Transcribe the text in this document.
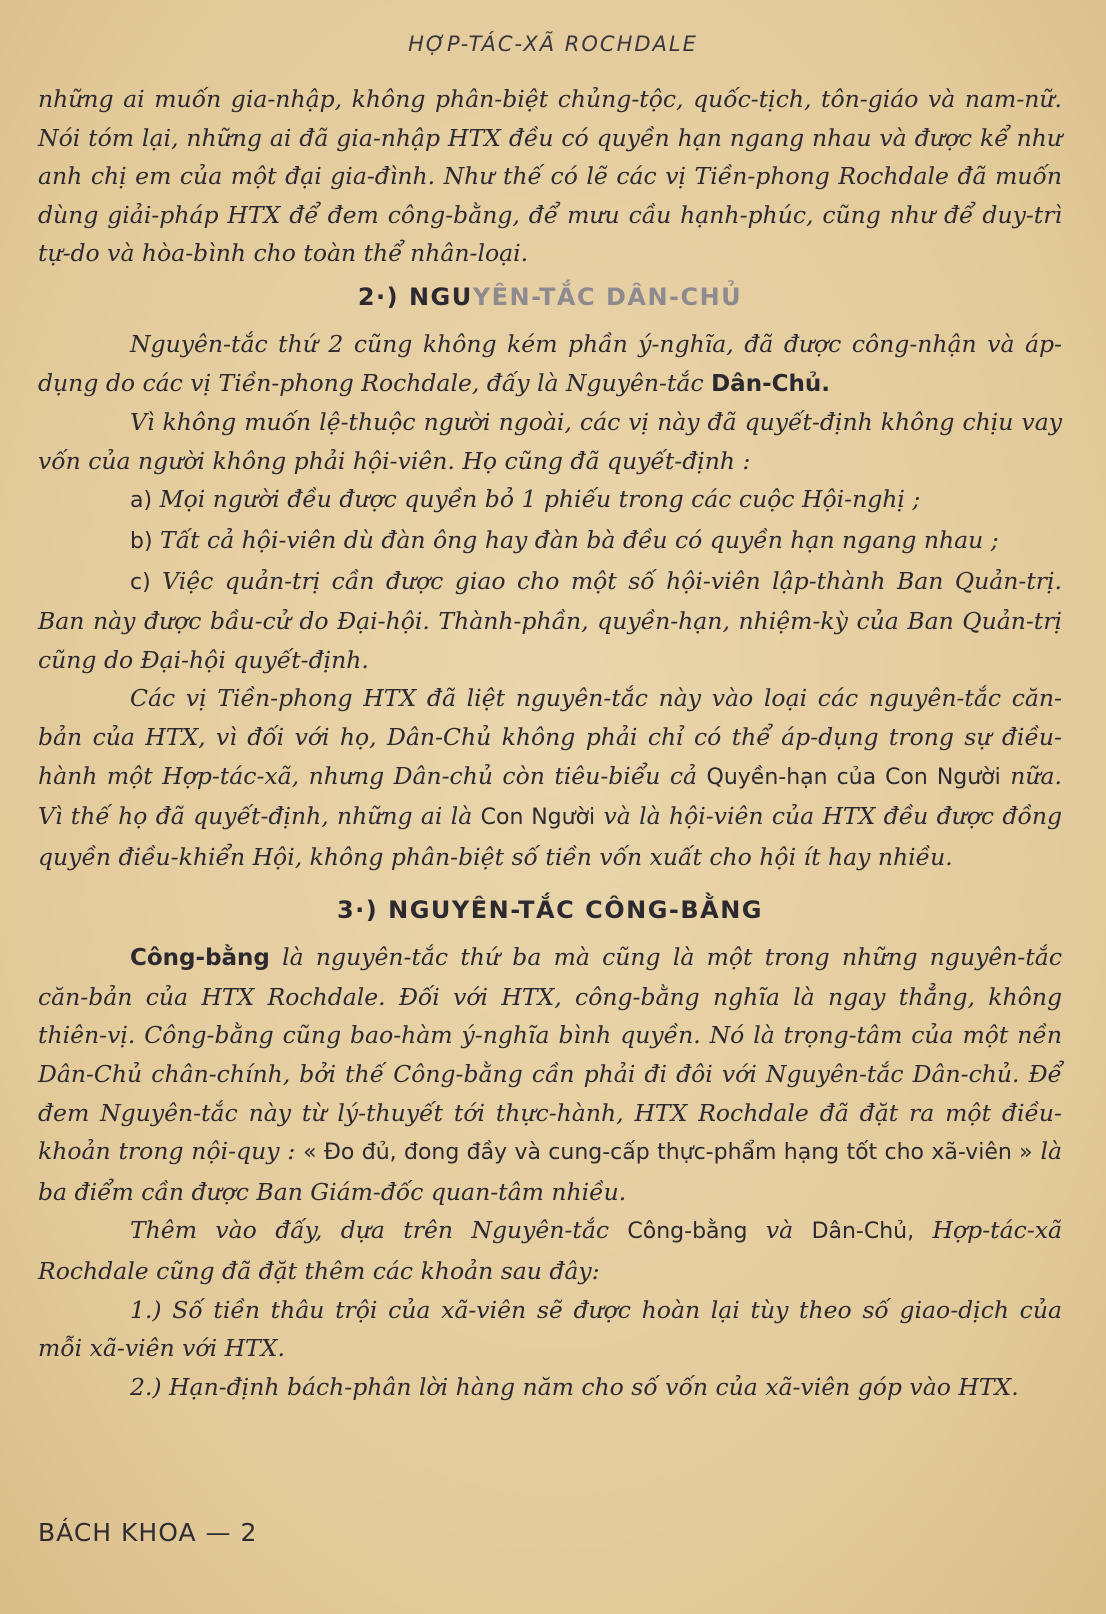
HỢP-TÁC-XÃ ROCHDALE

những ai muốn gia-nhập, không phân-biệt chủng-tộc, quốc-tịch, tôn-giáo và nam-nữ. Nói tóm lại, những ai đã gia-nhập HTX đều có quyền hạn ngang nhau và được kể như anh chị em của một đại gia-đình. Như thế có lẽ các vị Tiền-phong Rochdale đã muốn dùng giải-pháp HTX để đem công-bằng, để mưu cầu hạnh-phúc, cũng như để duy-trì tự-do và hòa-bình cho toàn thể nhân-loại.

2·) NGUYÊN-TẮC DÂN-CHỦ

Nguyên-tắc thứ 2 cũng không kém phần ý-nghĩa, đã được công-nhận và áp-dụng do các vị Tiền-phong Rochdale, đấy là Nguyên-tắc Dân-Chủ.

Vì không muốn lệ-thuộc người ngoài, các vị này đã quyết-định không chịu vay vốn của người không phải hội-viên. Họ cũng đã quyết-định :

a) Mọi người đều được quyền bỏ 1 phiếu trong các cuộc Hội-nghị ;

b) Tất cả hội-viên dù đàn ông hay đàn bà đều có quyền hạn ngang nhau ;

c) Việc quản-trị cần được giao cho một số hội-viên lập-thành Ban Quản-trị. Ban này được bầu-cử do Đại-hội. Thành-phần, quyền-hạn, nhiệm-kỳ của Ban Quản-trị cũng do Đại-hội quyết-định.

Các vị Tiền-phong HTX đã liệt nguyên-tắc này vào loại các nguyên-tắc căn-bản của HTX, vì đối với họ, Dân-Chủ không phải chỉ có thể áp-dụng trong sự điều-hành một Hợp-tác-xã, nhưng Dân-chủ còn tiêu-biểu cả Quyền-hạn của Con Người nữa. Vì thế họ đã quyết-định, những ai là Con Người và là hội-viên của HTX đều được đồng quyền điều-khiển Hội, không phân-biệt số tiền vốn xuất cho hội ít hay nhiều.

3·) NGUYÊN-TẮC CÔNG-BẰNG

Công-bằng là nguyên-tắc thứ ba mà cũng là một trong những nguyên-tắc căn-bản của HTX Rochdale. Đối với HTX, công-bằng nghĩa là ngay thẳng, không thiên-vị. Công-bằng cũng bao-hàm ý-nghĩa bình quyền. Nó là trọng-tâm của một nền Dân-Chủ chân-chính, bởi thế Công-bằng cần phải đi đôi với Nguyên-tắc Dân-chủ. Để đem Nguyên-tắc này từ lý-thuyết tới thực-hành, HTX Rochdale đã đặt ra một điều-khoản trong nội-quy : « Đo đủ, đong đầy và cung-cấp thực-phẩm hạng tốt cho xã-viên » là ba điểm cần được Ban Giám-đốc quan-tâm nhiều.

Thêm vào đấy, dựa trên Nguyên-tắc Công-bằng và Dân-Chủ, Hợp-tác-xã Rochdale cũng đã đặt thêm các khoản sau đây:

1.) Số tiền thâu trội của xã-viên sẽ được hoàn lại tùy theo số giao-dịch của mỗi xã-viên với HTX.

2.) Hạn-định bách-phân lời hàng năm cho số vốn của xã-viên góp vào HTX.

BÁCH KHOA — 2
